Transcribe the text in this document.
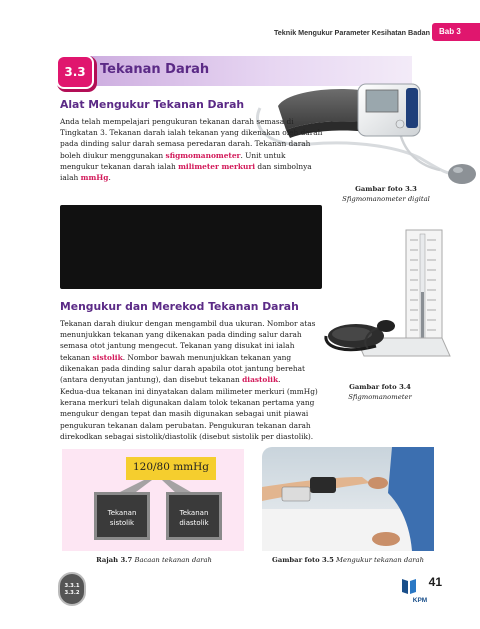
Teknik Mengukur Parameter Kesihatan Badan	Bab 3
3.3	Tekanan Darah
Gambar foto 3.3
Sfigmomanometer digital
Alat Mengukur Tekanan Darah
Anda telah mempelajari pengukuran tekanan darah semasa di Tingkatan 3. Tekanan darah ialah tekanan yang dikenakan oleh darah pada dinding salur darah semasa peredaran darah. Tekanan darah boleh diukur menggunakan sfigmomanometer. Unit untuk mengukur tekanan darah ialah milimeter merkuri dan simbolnya ialah mmHg.
Gambar foto 3.4
Sfigmomanometer
Mengukur dan Merekod Tekanan Darah
Tekanan darah diukur dengan mengambil dua ukuran. Nombor atas menunjukkan tekanan yang dikenakan pada dinding salur darah semasa otot jantung mengecut. Tekanan yang disukat ini ialah tekanan sistolik. Nombor bawah menunjukkan tekanan yang dikenakan pada dinding salur darah apabila otot jantung berehat (antara denyutan jantung), dan disebut tekanan diastolik.
Kedua-dua tekanan ini dinyatakan dalam milimeter merkuri (mmHg) kerana merkuri telah digunakan dalam tolok tekanan pertama yang mengukur dengan tepat dan masih digunakan sebagai unit piawai pengukuran tekanan dalam perubatan. Pengukuran tekanan darah direkodkan sebagai sistolik/diastolik (disebut sistolik per diastolik).
120/80 mmHg
Tekanan
sistolik
Tekanan
diastolik
Rajah 3.7 Bacaan tekanan darah	Gambar foto 3.5 Mengukur tekanan darah
3.3.1
3.3.2
41
KPM
